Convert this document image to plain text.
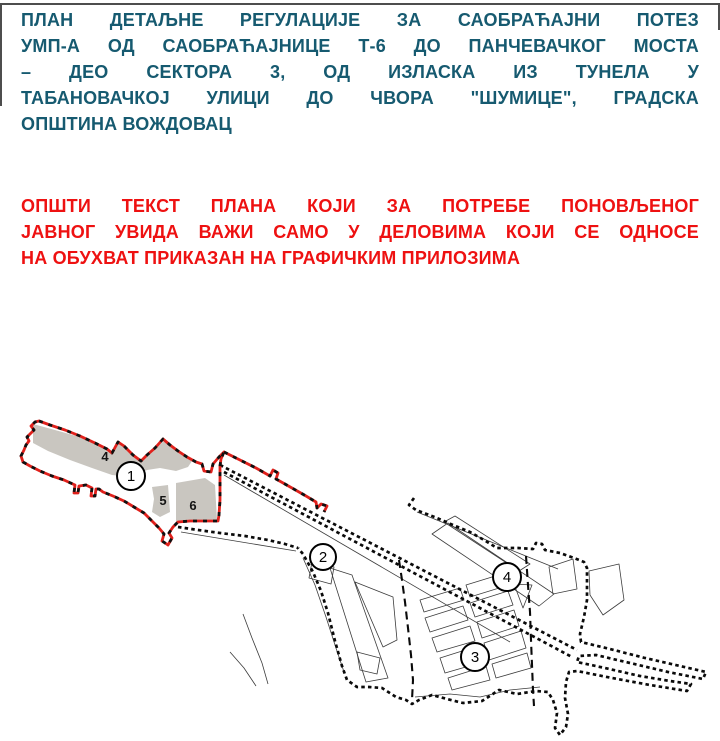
ПЛАН ДЕТАЉНЕ РЕГУЛАЦИЈЕ ЗА САОБРАЋАЈНИ ПОТЕЗ
УМП-А ОД САОБРАЋАЈНИЦЕ Т-6 ДО ПАНЧЕВАЧКОГ МОСТА
– ДЕО СЕКТОРА 3, ОД ИЗЛАСКА ИЗ ТУНЕЛА У
ТАБАНОВАЧКОЈ УЛИЦИ ДО ЧВОРА "ШУМИЦЕ", ГРАДСКА
ОПШТИНА ВОЖДОВАЦ
ОПШТИ ТЕКСТ ПЛАНА КОЈИ ЗА ПОТРЕБЕ ПОНОВЉЕНОГ
ЈАВНОГ УВИДА ВАЖИ САМО У ДЕЛОВИМА КОЈИ СЕ ОДНОСЕ
НА ОБУХВАТ ПРИКАЗАН НА ГРАФИЧКИМ ПРИЛОЗИМА
4
5 6
1
2
3
4
